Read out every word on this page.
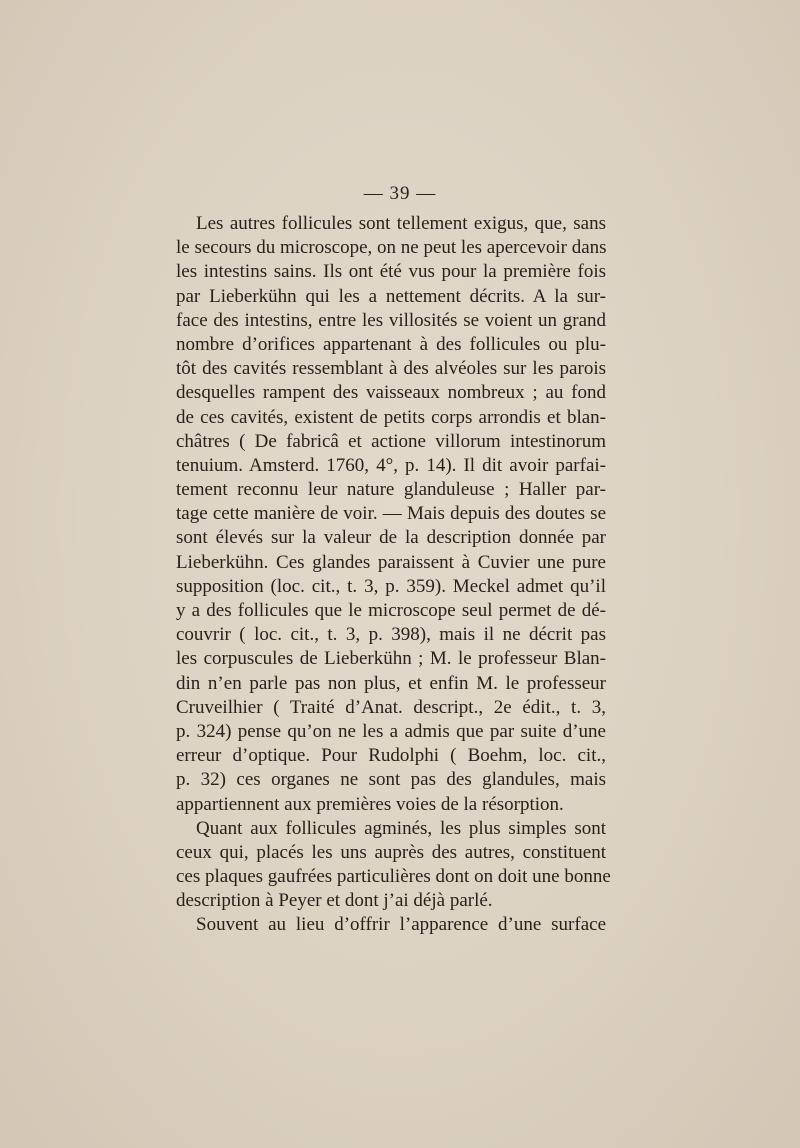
— 39 —
Les autres follicules sont tellement exigus, que, sans
le secours du microscope, on ne peut les apercevoir dans
les intestins sains. Ils ont été vus pour la première fois
par Lieberkühn qui les a nettement décrits. A la sur-
face des intestins, entre les villosités se voient un grand
nombre d’orifices appartenant à des follicules ou plu-
tôt des cavités ressemblant à des alvéoles sur les parois
desquelles rampent des vaisseaux nombreux ; au fond
de ces cavités, existent de petits corps arrondis et blan-
châtres ( De fabricâ et actione villorum intestinorum
tenuium. Amsterd. 1760, 4°, p. 14). Il dit avoir parfai-
tement reconnu leur nature glanduleuse ; Haller par-
tage cette manière de voir. — Mais depuis des doutes se
sont élevés sur la valeur de la description donnée par
Lieberkühn. Ces glandes paraissent à Cuvier une pure
supposition (loc. cit., t. 3, p. 359). Meckel admet qu’il
y a des follicules que le microscope seul permet de dé-
couvrir ( loc. cit., t. 3, p. 398), mais il ne décrit pas
les corpuscules de Lieberkühn ; M. le professeur Blan-
din n’en parle pas non plus, et enfin M. le professeur
Cruveilhier ( Traité d’Anat. descript., 2e édit., t. 3,
p. 324) pense qu’on ne les a admis que par suite d’une
erreur d’optique. Pour Rudolphi ( Boehm, loc. cit.,
p. 32) ces organes ne sont pas des glandules, mais
appartiennent aux premières voies de la résorption.
Quant aux follicules agminés, les plus simples sont
ceux qui, placés les uns auprès des autres, constituent
ces plaques gaufrées particulières dont on doit une bonne
description à Peyer et dont j’ai déjà parlé.
Souvent au lieu d’offrir l’apparence d’une surface
